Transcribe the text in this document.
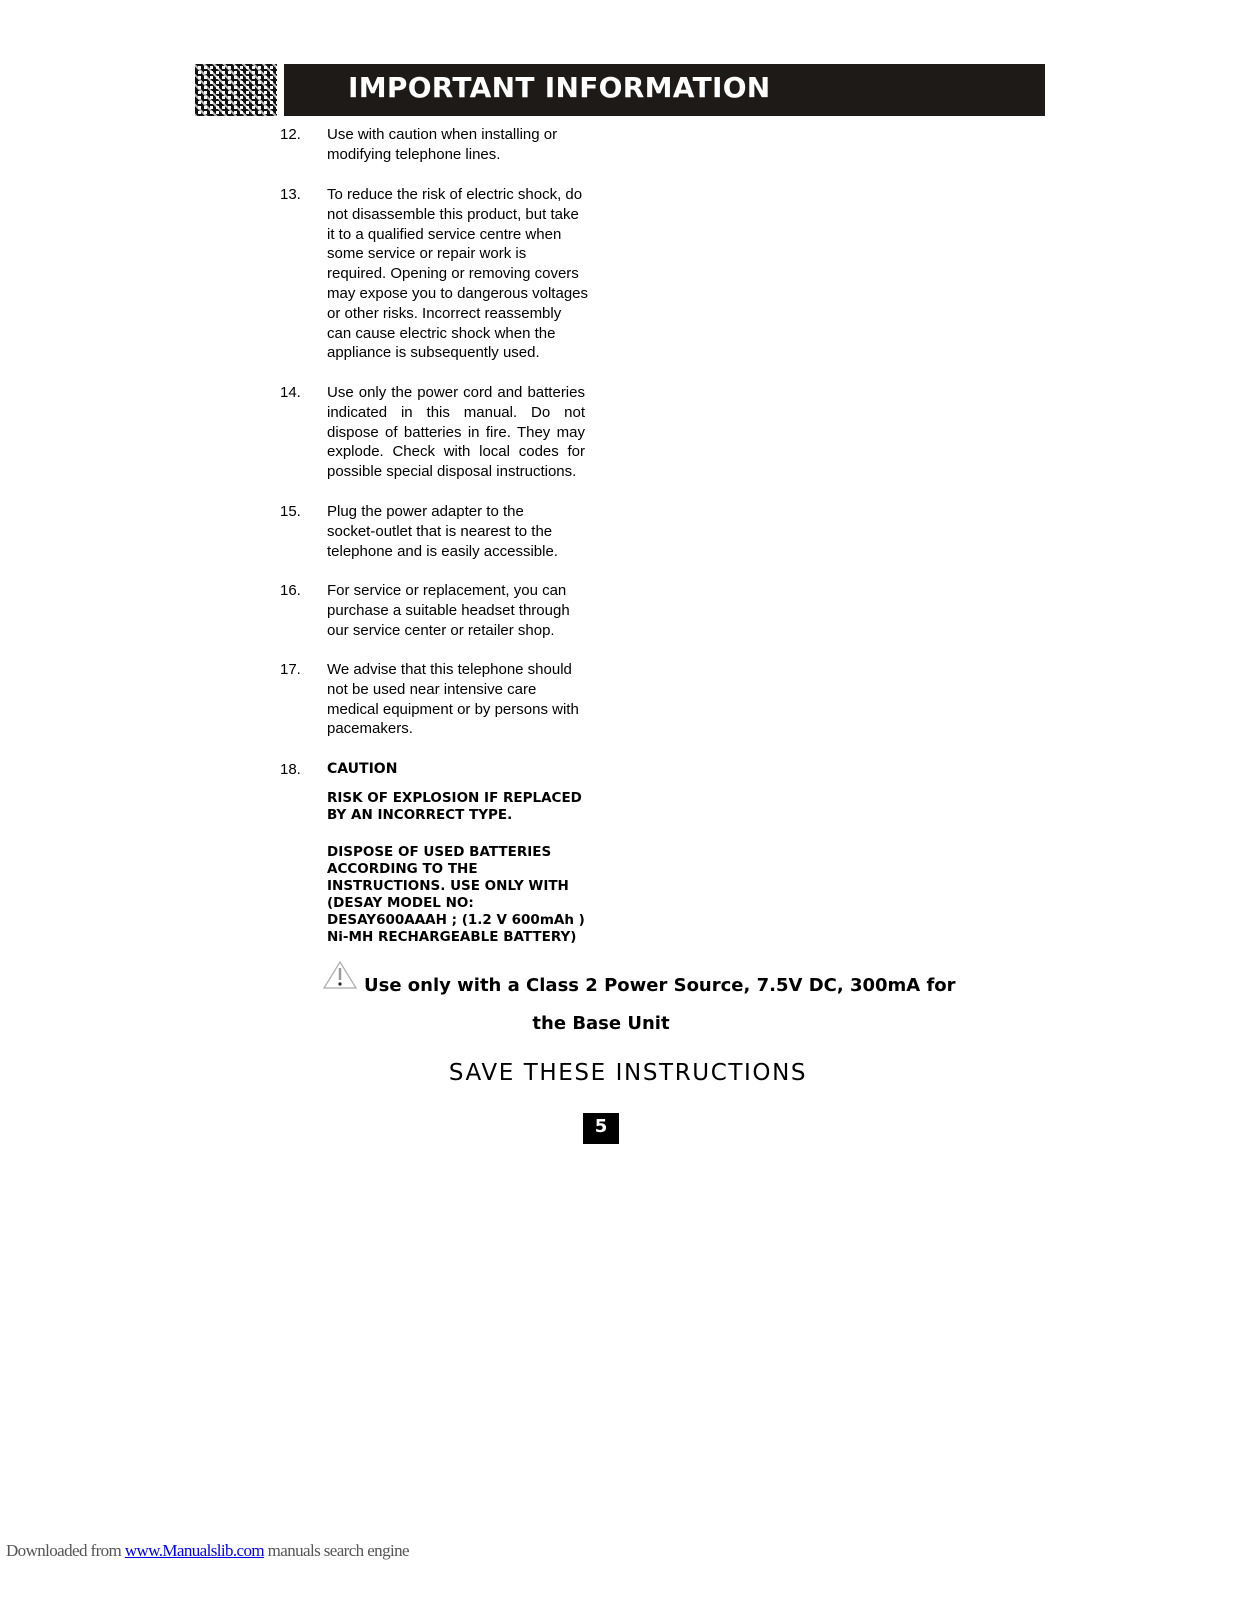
IMPORTANT INFORMATION
12. Use with caution when installing or modifying telephone lines.
13. To reduce the risk of electric shock, do not disassemble this product, but take it to a qualified service centre when some service or repair work is required. Opening or removing covers may expose you to dangerous voltages or other risks. Incorrect reassembly can cause electric shock when the appliance is subsequently used.
14. Use only the power cord and batteries indicated in this manual. Do not dispose of batteries in fire. They may explode. Check with local codes for possible special disposal instructions.
15. Plug the power adapter to the socket-outlet that is nearest to the telephone and is easily accessible.
16. For service or replacement, you can purchase a suitable headset through our service center or retailer shop.
17. We advise that this telephone should not be used near intensive care medical equipment or by persons with pacemakers.
18. CAUTION
RISK OF EXPLOSION IF REPLACED BY AN INCORRECT TYPE.
DISPOSE OF USED BATTERIES ACCORDING TO THE INSTRUCTIONS. USE ONLY WITH (DESAY MODEL NO: DESAY600AAAH ; (1.2 V 600mAh ) Ni-MH RECHARGEABLE BATTERY)
Use only with a Class 2 Power Source, 7.5V DC, 300mA for
the Base Unit
SAVE THESE INSTRUCTIONS
5
Downloaded from www.Manualslib.com manuals search engine
